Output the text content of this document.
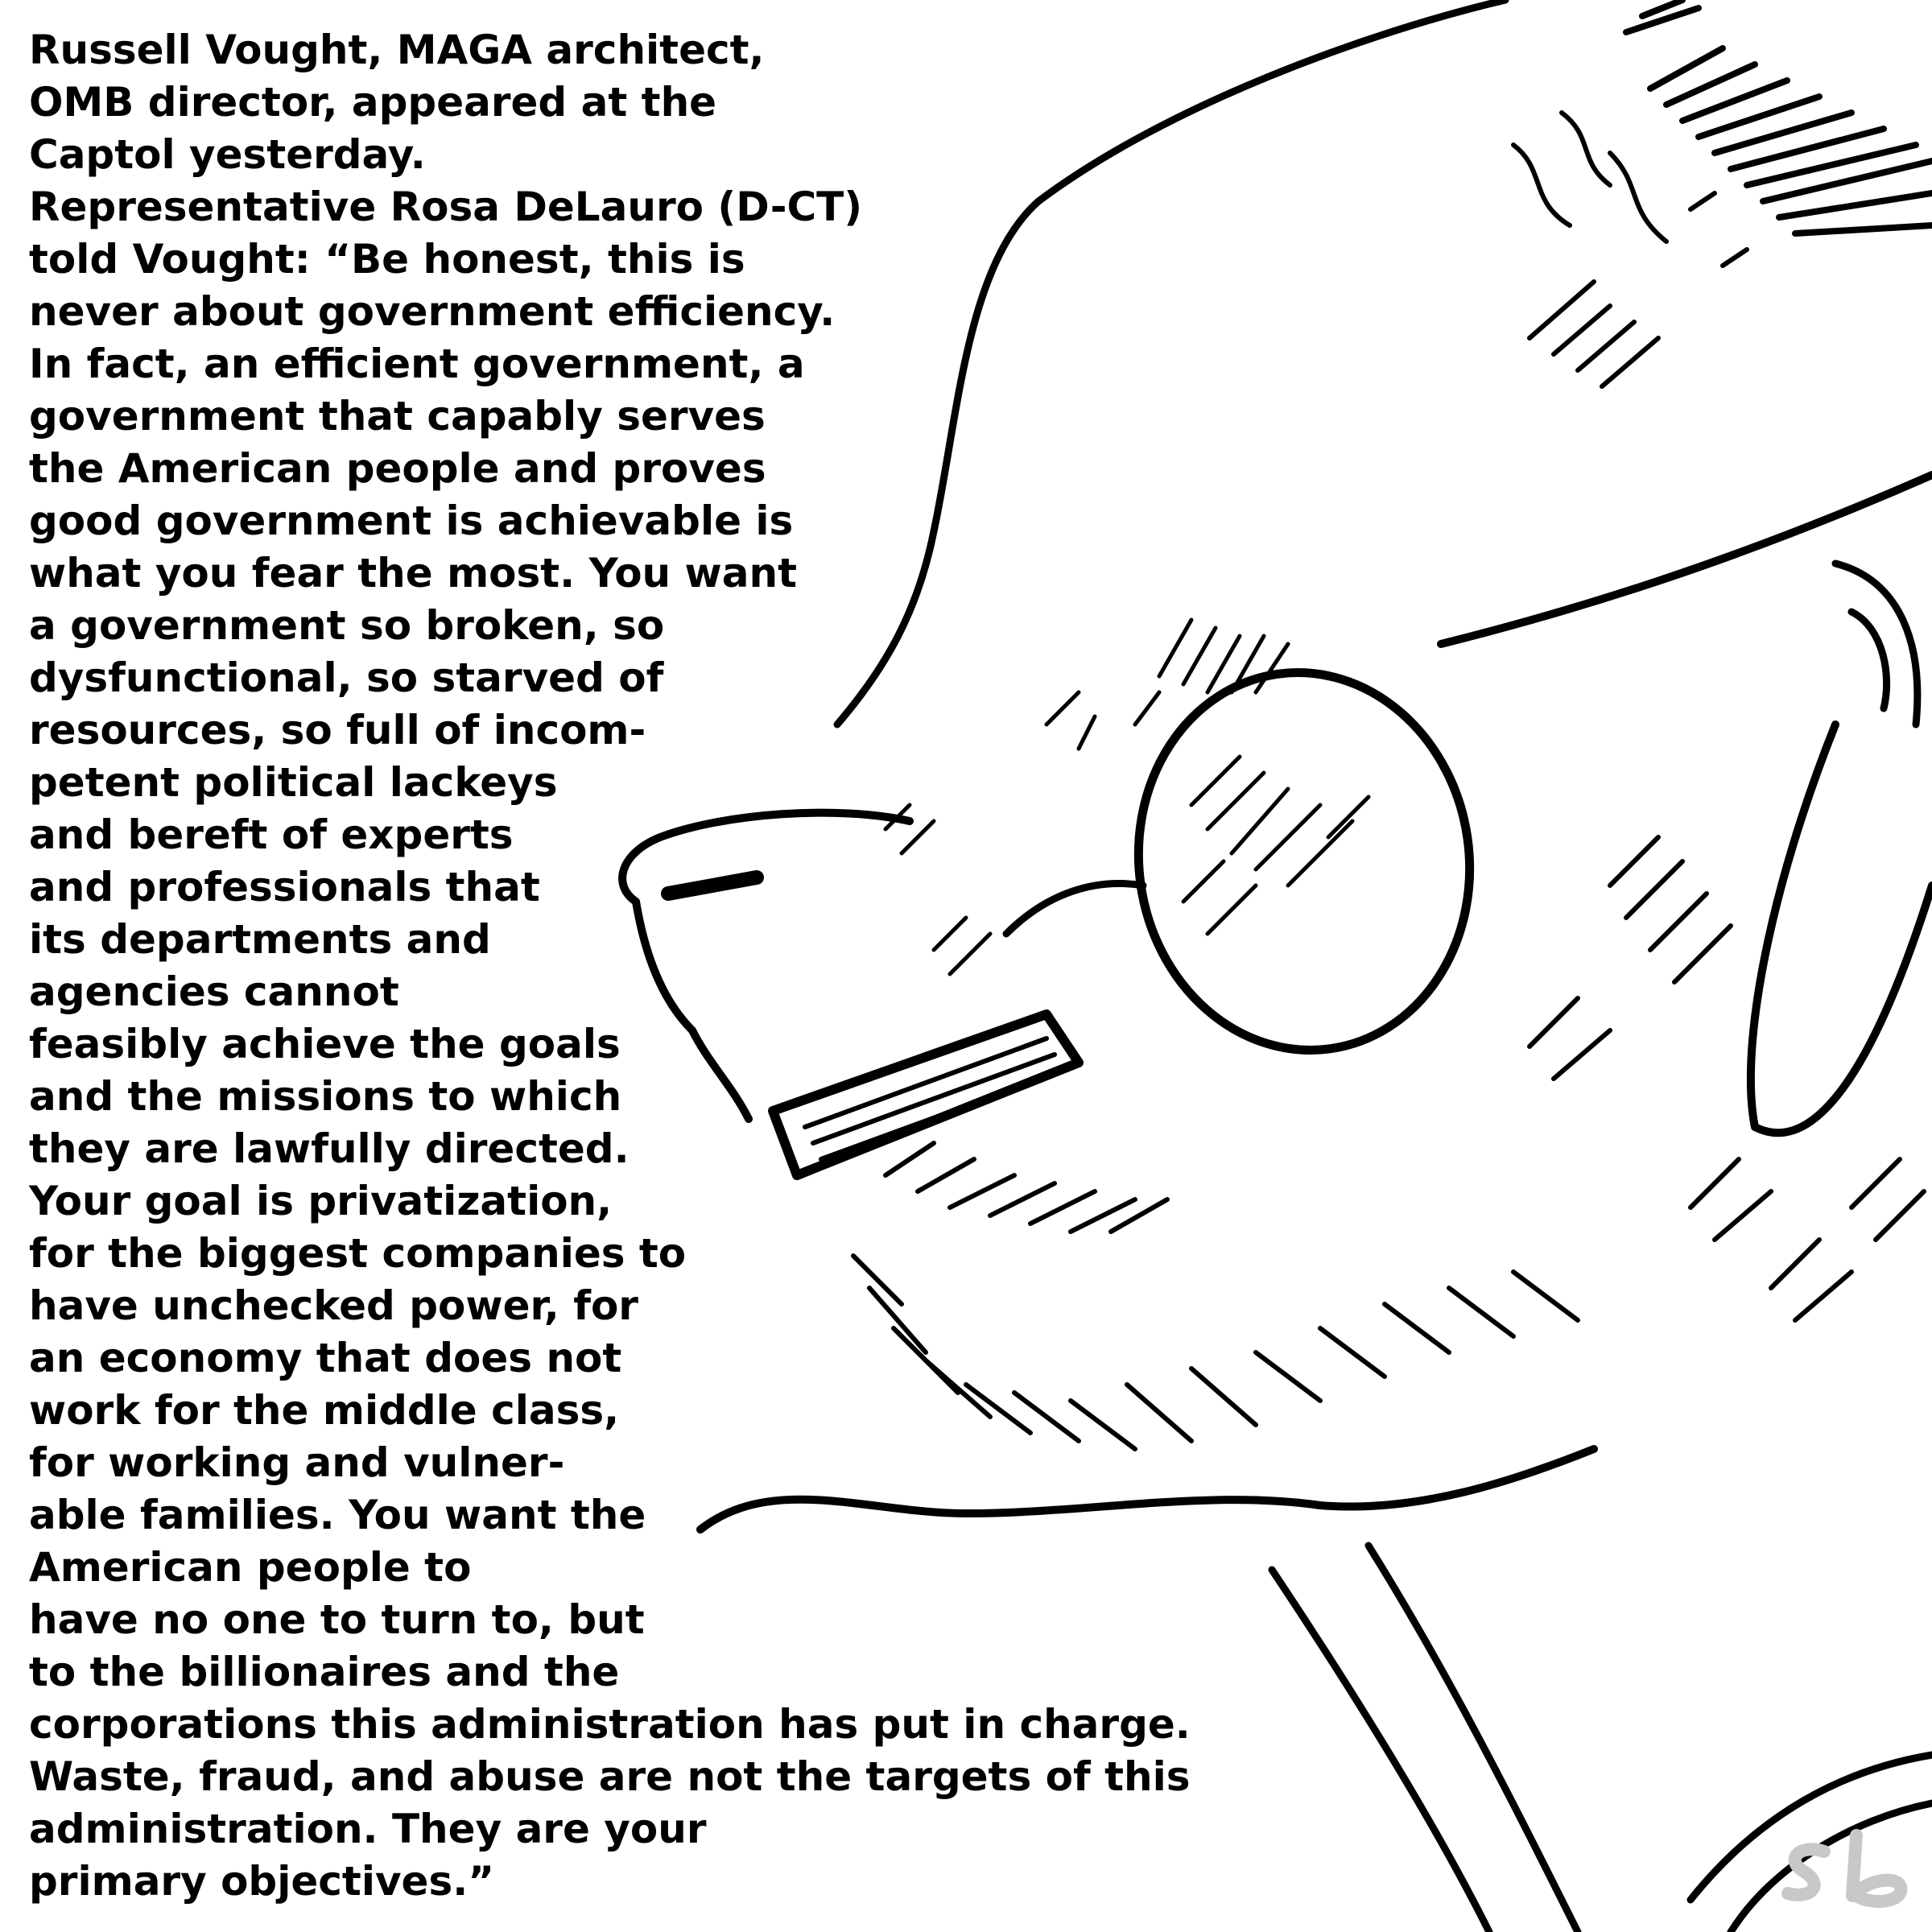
Russell Vought, MAGA architect,
OMB director, appeared at the
Captol yesterday.
Representative Rosa DeLauro (D-CT)
told Vought: “Be honest, this is
never about government efficiency.
In fact, an efficient government, a
government that capably serves
the American people and proves
good government is achievable is
what you fear the most. You want
a government so broken, so
dysfunctional, so starved of
resources, so full of incom-
petent political lackeys
and bereft of experts
and professionals that
its departments and
agencies cannot
feasibly achieve the goals
and the missions to which
they are lawfully directed.
Your goal is privatization,
for the biggest companies to
have unchecked power, for
an economy that does not
work for the middle class,
for working and vulner-
able families. You want the
American people to
have no one to turn to, but
to the billionaires and the
corporations this administration has put in charge.
Waste, fraud, and abuse are not the targets of this
administration. They are your
primary objectives.”
